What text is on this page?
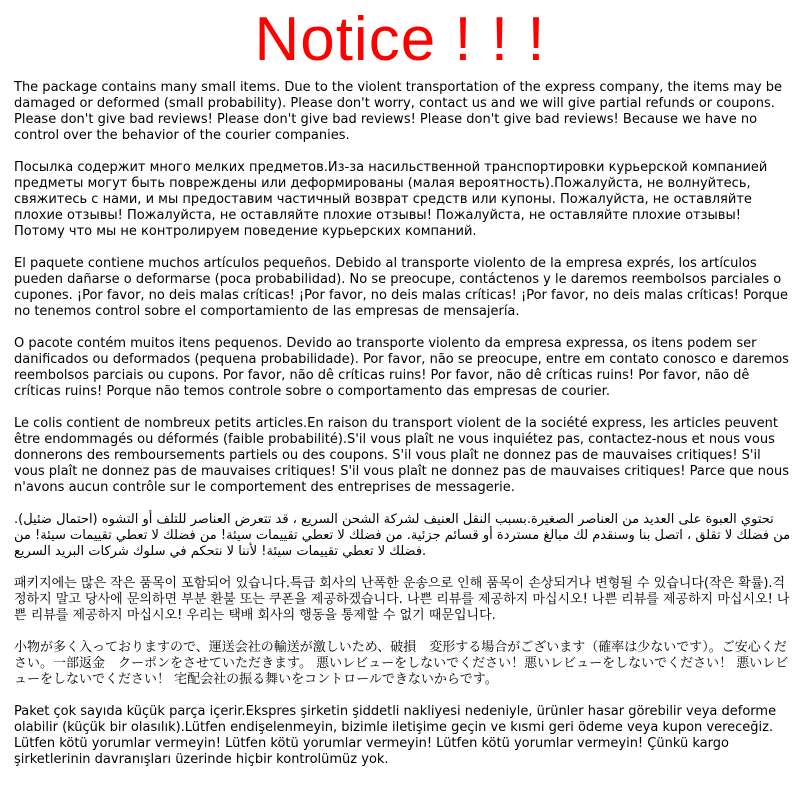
Notice ! ! !

The package contains many small items. Due to the violent transportation of the express company, the items may be damaged or deformed (small probability). Please don't worry, contact us and we will give partial refunds or coupons. Please don't give bad reviews! Please don't give bad reviews! Please don't give bad reviews! Because we have no control over the behavior of the courier companies.

Посылка содержит много мелких предметов.Из-за насильственной транспортировки курьерской компанией предметы могут быть повреждены или деформированы (малая вероятность).Пожалуйста, не волнуйтесь, свяжитесь с нами, и мы предоставим частичный возврат средств или купоны. Пожалуйста, не оставляйте плохие отзывы! Пожалуйста, не оставляйте плохие отзывы! Пожалуйста, не оставляйте плохие отзывы! Потому что мы не контролируем поведение курьерских компаний.

El paquete contiene muchos artículos pequeños. Debido al transporte violento de la empresa exprés, los artículos pueden dañarse o deformarse (poca probabilidad). No se preocupe, contáctenos y le daremos reembolsos parciales o cupones. ¡Por favor, no deis malas críticas! ¡Por favor, no deis malas críticas! ¡Por favor, no deis malas críticas! Porque no tenemos control sobre el comportamiento de las empresas de mensajería.

O pacote contém muitos itens pequenos. Devido ao transporte violento da empresa expressa, os itens podem ser danificados ou deformados (pequena probabilidade). Por favor, não se preocupe, entre em contato conosco e daremos reembolsos parciais ou cupons. Por favor, não dê críticas ruins! Por favor, não dê críticas ruins! Por favor, não dê críticas ruins! Porque não temos controle sobre o comportamento das empresas de courier.

Le colis contient de nombreux petits articles.En raison du transport violent de la société express, les articles peuvent être endommagés ou déformés (faible probabilité).S'il vous plaît ne vous inquiétez pas, contactez-nous et nous vous donnerons des remboursements partiels ou des coupons. S'il vous plaît ne donnez pas de mauvaises critiques! S'il vous plaît ne donnez pas de mauvaises critiques! S'il vous plaît ne donnez pas de mauvaises critiques! Parce que nous n'avons aucun contrôle sur le comportement des entreprises de messagerie.

تحتوي العبوة على العديد من العناصر الصغيرة.بسبب النقل العنيف لشركة الشحن السريع ، قد تتعرض العناصر للتلف أو التشوه (احتمال ضئيل). من فضلك لا تقلق ، اتصل بنا وسنقدم لك مبالغ مستردة أو قسائم جزئية. من فضلك لا تعطي تقييمات سيئة! من فضلك لا تعطي تقييمات سيئة! من فضلك لا تعطي تقييمات سيئة! لأننا لا نتحكم في سلوك شركات البريد السريع.

패키지에는 많은 작은 품목이 포함되어 있습니다.특급 회사의 난폭한 운송으로 인해 품목이 손상되거나 변형될 수 있습니다(작은 확률).걱정하지 말고 당사에 문의하면 부분 환불 또는 쿠폰을 제공하겠습니다. 나쁜 리뷰를 제공하지 마십시오! 나쁜 리뷰를 제공하지 마십시오! 나쁜 리뷰를 제공하지 마십시오! 우리는 택배 회사의 행동을 통제할 수 없기 때문입니다.

小物が多く入っておりますので、運送会社の輸送が激しいため、破損　変形する場合がございます（確率は少ないです）。ご安心ください。一部返金　クーポンをさせていただきます。 悪いレビューをしないでください！悪いレビューをしないでください！ 悪いレビューをしないでください！ 宅配会社の振る舞いをコントロールできないからです。

Paket çok sayıda küçük parça içerir.Ekspres şirketin şiddetli nakliyesi nedeniyle, ürünler hasar görebilir veya deforme olabilir (küçük bir olasılık).Lütfen endişelenmeyin, bizimle iletişime geçin ve kısmi geri ödeme veya kupon vereceğiz. Lütfen kötü yorumlar vermeyin! Lütfen kötü yorumlar vermeyin! Lütfen kötü yorumlar vermeyin! Çünkü kargo şirketlerinin davranışları üzerinde hiçbir kontrolümüz yok.
